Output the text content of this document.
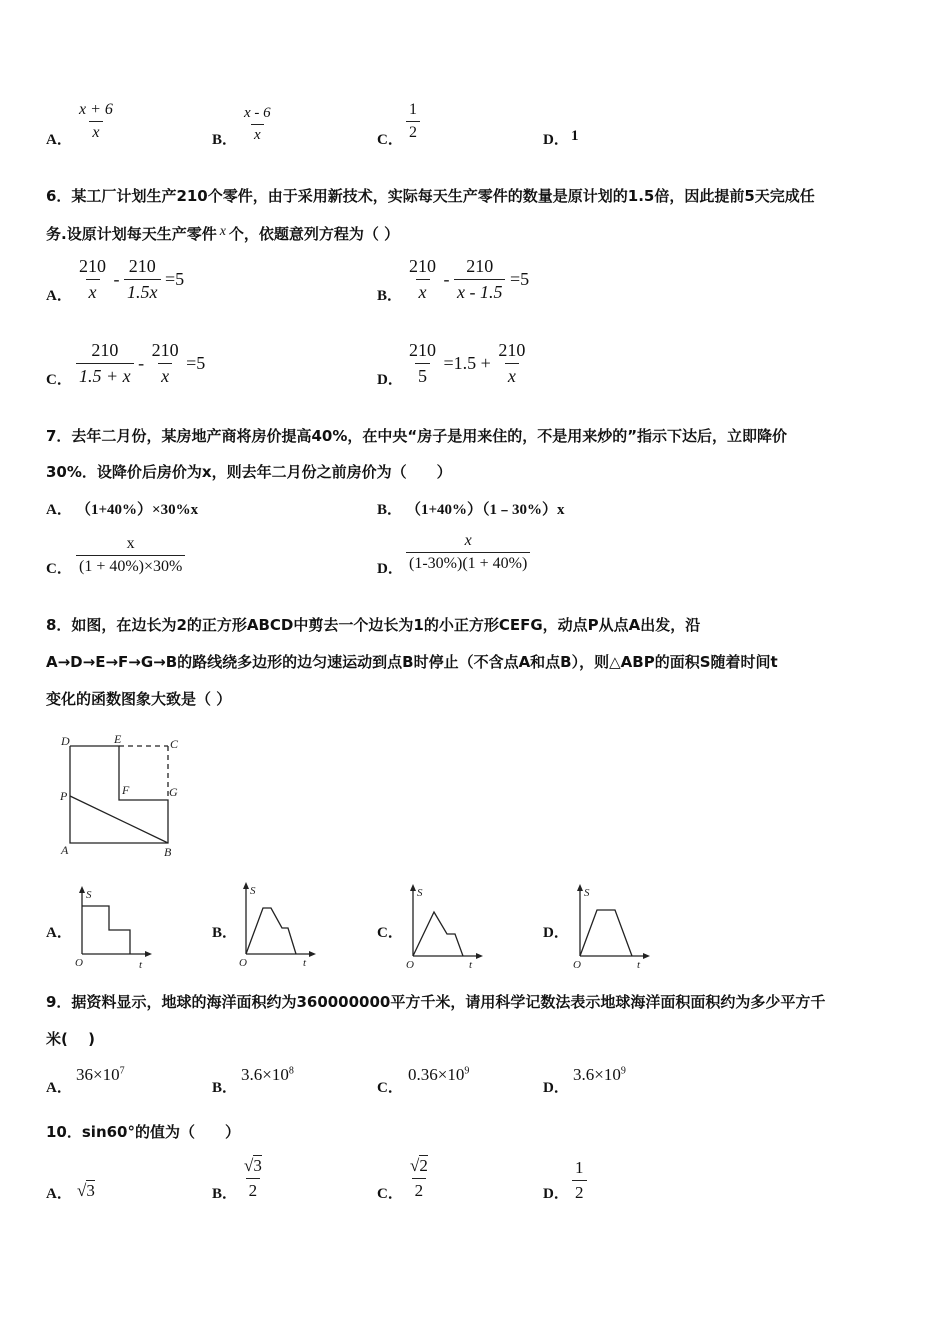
A． $\frac{x + 6}{x}$	B． $\frac{x - 6}{x}$	C． $\frac{1}{2}$	D． 1
6．某工厂计划生产210个零件，由于采用新技术，实际每天生产零件的数量是原计划的1.5倍，因此提前5天完成任
务.设原计划每天生产零件 x 个，依题意列方程为（ ）
A． $\frac{210}{x} - \frac{210}{1.5x} =5$
B． $\frac{210}{x} - \frac{210}{x - 1.5} =5$
C． $\frac{210}{1.5 + x} - \frac{210}{x} =5$
D． $\frac{210}{5} =1.5 + \frac{210}{x}$
7．去年二月份，某房地产商将房价提高40%，在中央“房子是用来住的，不是用来炒的”指示下达后，立即降价
30%．设降价后房价为x，则去年二月份之前房价为（　　）
A． （1+40%）×30%x	B． （1+40%）（1﹣30%）x
C． $\frac{x}{(1 + 40\%)\times 30\%}$	D． $\frac{x}{(1-30\%)(1 + 40\%)}$
8．如图，在边长为2的正方形ABCD中剪去一个边长为1的小正方形CEFG，动点P从点A出发，沿
A→D→E→F→G→B的路线绕多边形的边匀速运动到点B时停止（不含点A和点B），则△ABP的面积S随着时间t
变化的函数图象大致是（ ）
D	E	C
P	F	G
A	B
A．	B．	C．	D．
S
O	t
S
O	t
S
O	t
S
O	t
9．据资料显示，地球的海洋面积约为360000000平方千米，请用科学记数法表示地球海洋面积面积约为多少平方千
米(　 )
A．
$36\times 10^7$
B．
$3.6\times 10^8$
C．
$0.36\times 10^9$
D．
$3.6\times 10^9$
10．sin60°的值为（　　）
A． √3	B． $\frac{√3}{2}$	C． $\frac{√2}{2}$	D． $\frac{1}{2}$
